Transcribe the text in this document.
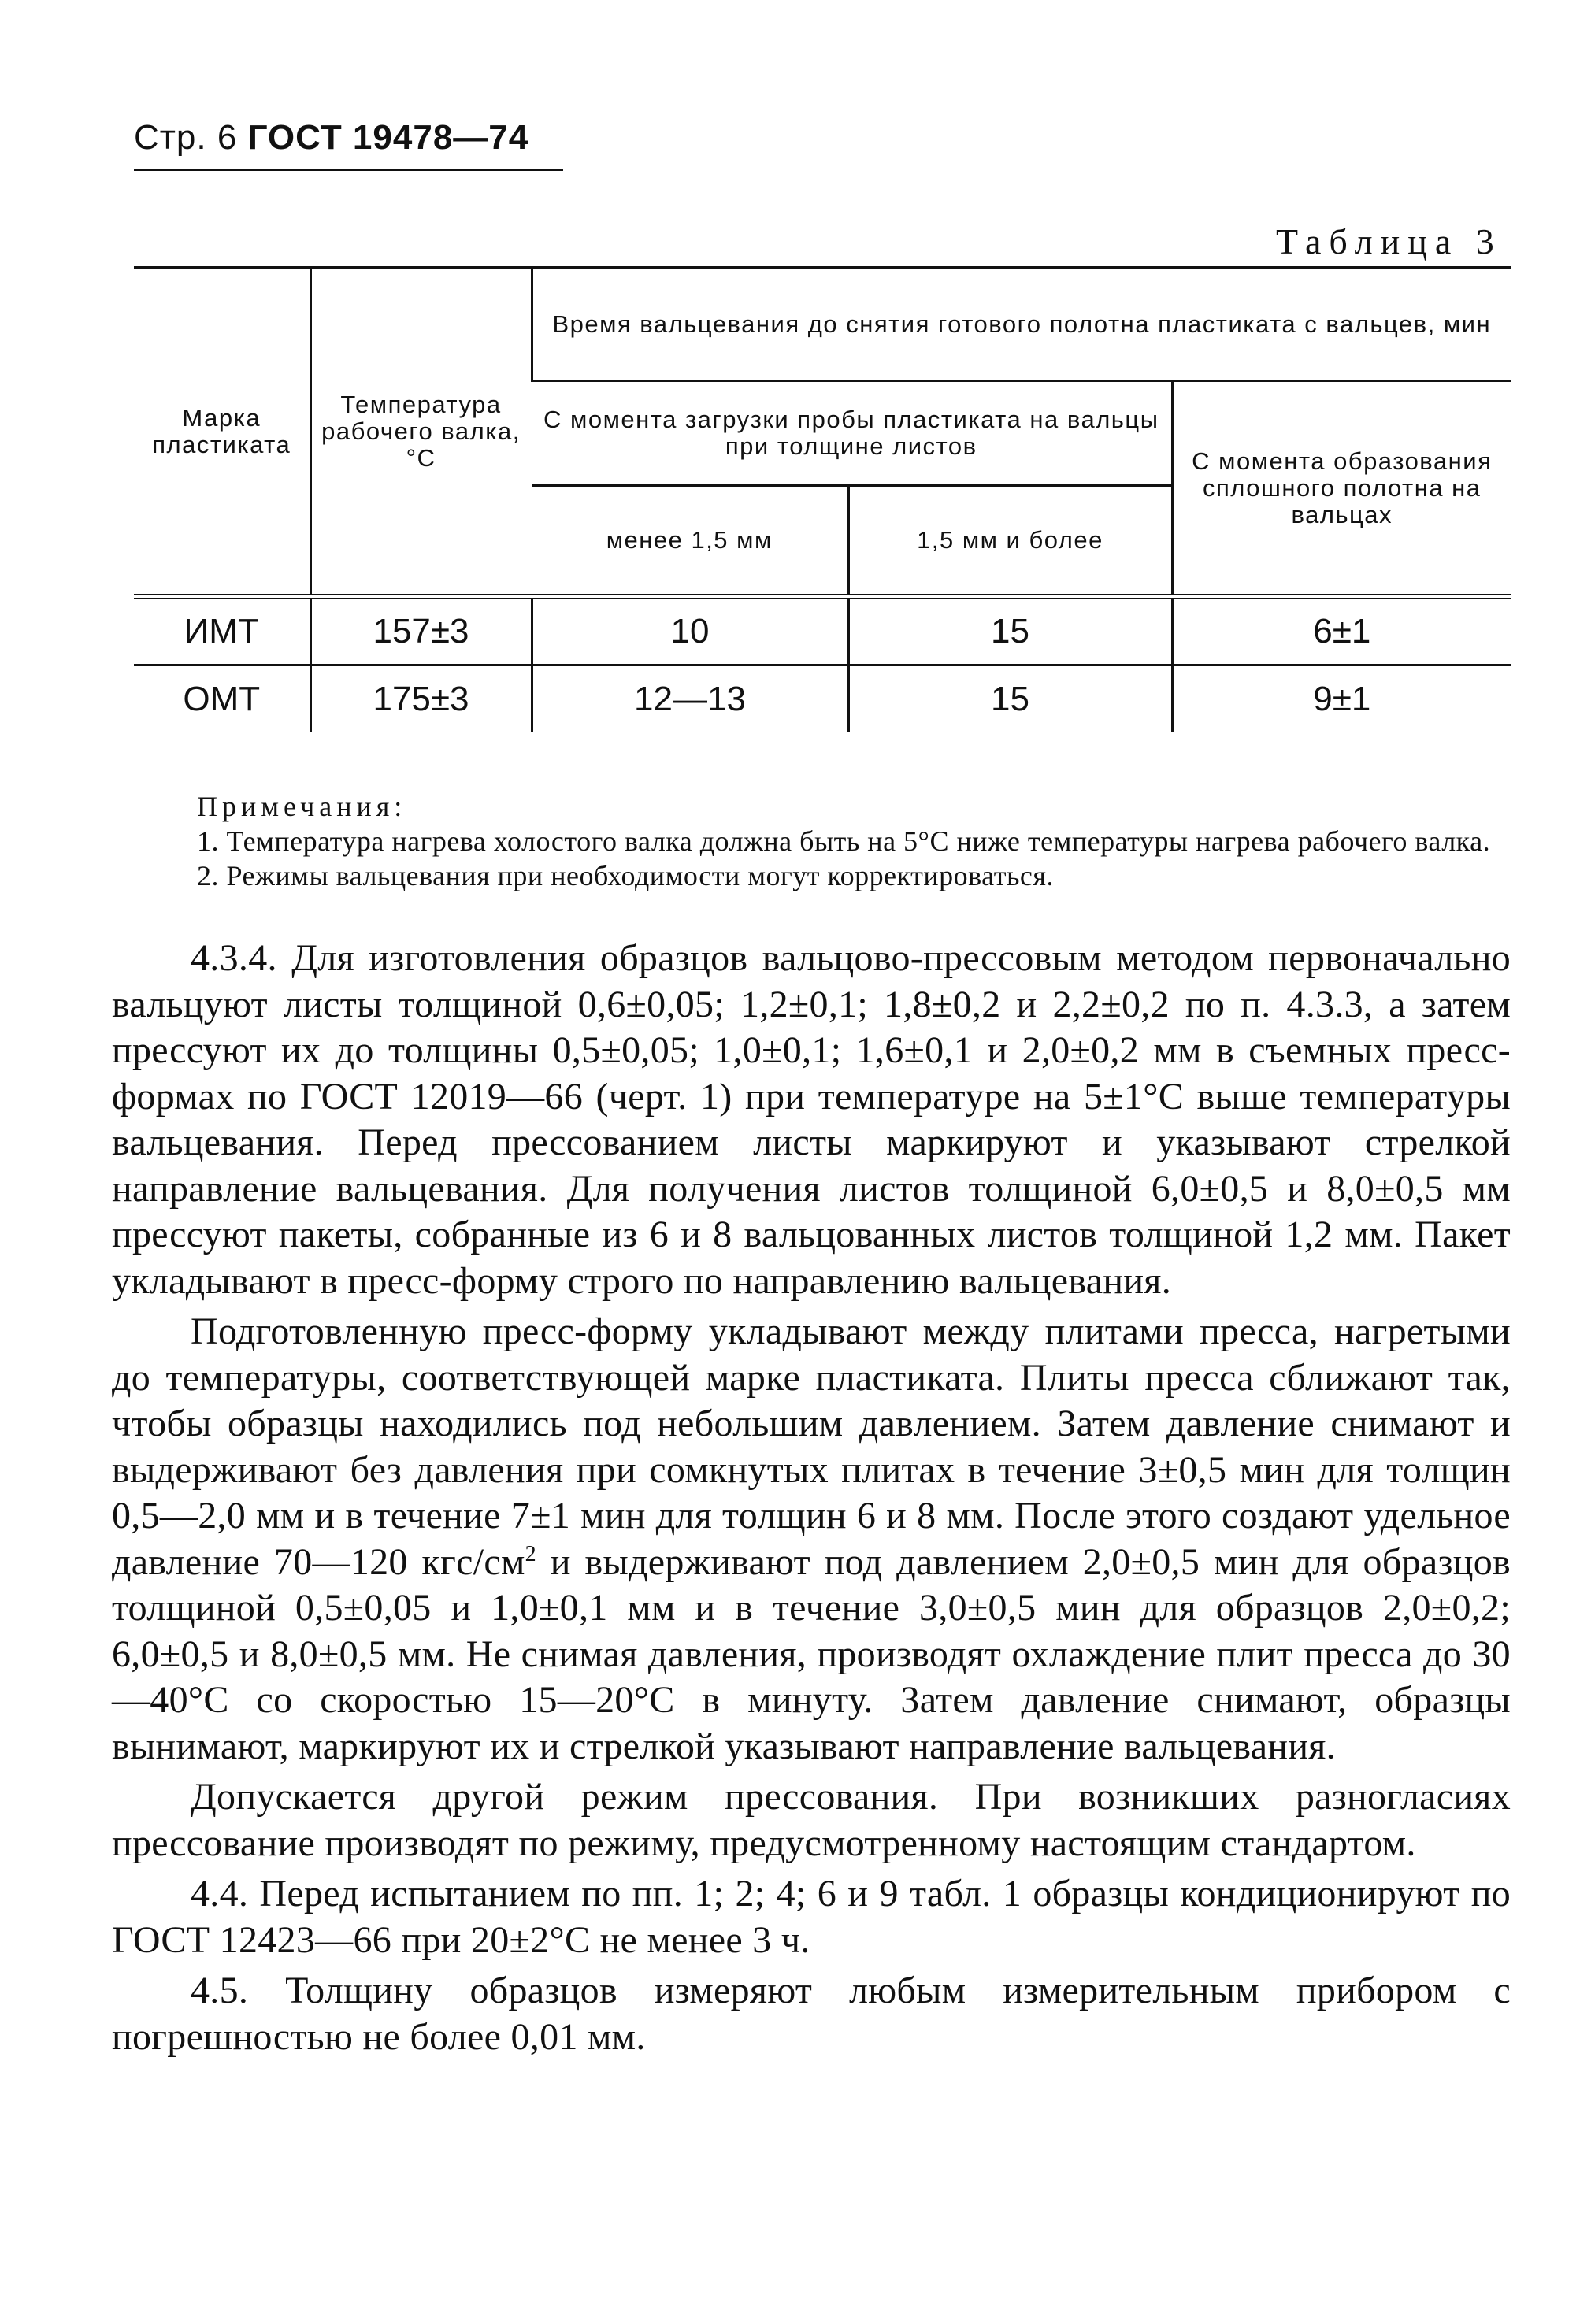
Стр. 6 ГОСТ 19478—74
Таблица 3
Марка пластиката	Температура рабочего валка, °C	Время вальцевания до снятия готового полотна пластиката с вальцев, мин		
		С момента загрузки пробы пластиката на вальцы при толщине листов		С момента образования сплошного полотна на вальцах
		менее 1,5 мм	1,5 мм и более	
ИМТ	157±3	10	15	6±1
ОМТ	175±3	12—13	15	9±1
Примечания:

1. Температура нагрева холостого валка должна быть на 5°C ниже температуры нагрева рабочего валка.

2. Режимы вальцевания при необходимости могут корректироваться.

4.3.4. Для изготовления образцов вальцово-прессовым методом первоначально вальцуют листы толщиной 0,6±0,05; 1,2±0,1; 1,8±0,2 и 2,2±0,2 по п. 4.3.3, а затем прессуют их до толщины 0,5±0,05; 1,0±0,1; 1,6±0,1 и 2,0±0,2 мм в съемных пресс-формах по ГОСТ 12019—66 (черт. 1) при температуре на 5±1°C выше температуры вальцевания. Перед прессованием листы маркируют и указывают стрелкой направление вальцевания. Для получения листов толщиной 6,0±0,5 и 8,0±0,5 мм прессуют пакеты, собранные из 6 и 8 вальцованных листов толщиной 1,2 мм. Пакет укладывают в пресс-форму строго по направлению вальцевания.

Подготовленную пресс-форму укладывают между плитами пресса, нагретыми до температуры, соответствующей марке пластиката. Плиты пресса сближают так, чтобы образцы находились под небольшим давлением. Затем давление снимают и выдерживают без давления при сомкнутых плитах в течение 3±0,5 мин для толщин 0,5—2,0 мм и в течение 7±1 мин для толщин 6 и 8 мм. После этого создают удельное давление 70—120 кгс/$см^2$ и выдерживают под давлением 2,0±0,5 мин для образцов толщиной 0,5±0,05 и 1,0±0,1 мм и в течение 3,0±0,5 мин для образцов 2,0±0,2; 6,0±0,5 и 8,0±0,5 мм. Не снимая давления, производят охлаждение плит пресса до 30—40°C со скоростью 15—20°C в минуту. Затем давление снимают, образцы вынимают, маркируют их и стрелкой указывают направление вальцевания.

Допускается другой режим прессования. При возникших разногласиях прессование производят по режиму, предусмотренному настоящим стандартом.

4.4. Перед испытанием по пп. 1; 2; 4; 6 и 9 табл. 1 образцы кондиционируют по ГОСТ 12423—66 при 20±2°C не менее 3 ч.

4.5. Толщину образцов измеряют любым измерительным прибором с погрешностью не более 0,01 мм.
